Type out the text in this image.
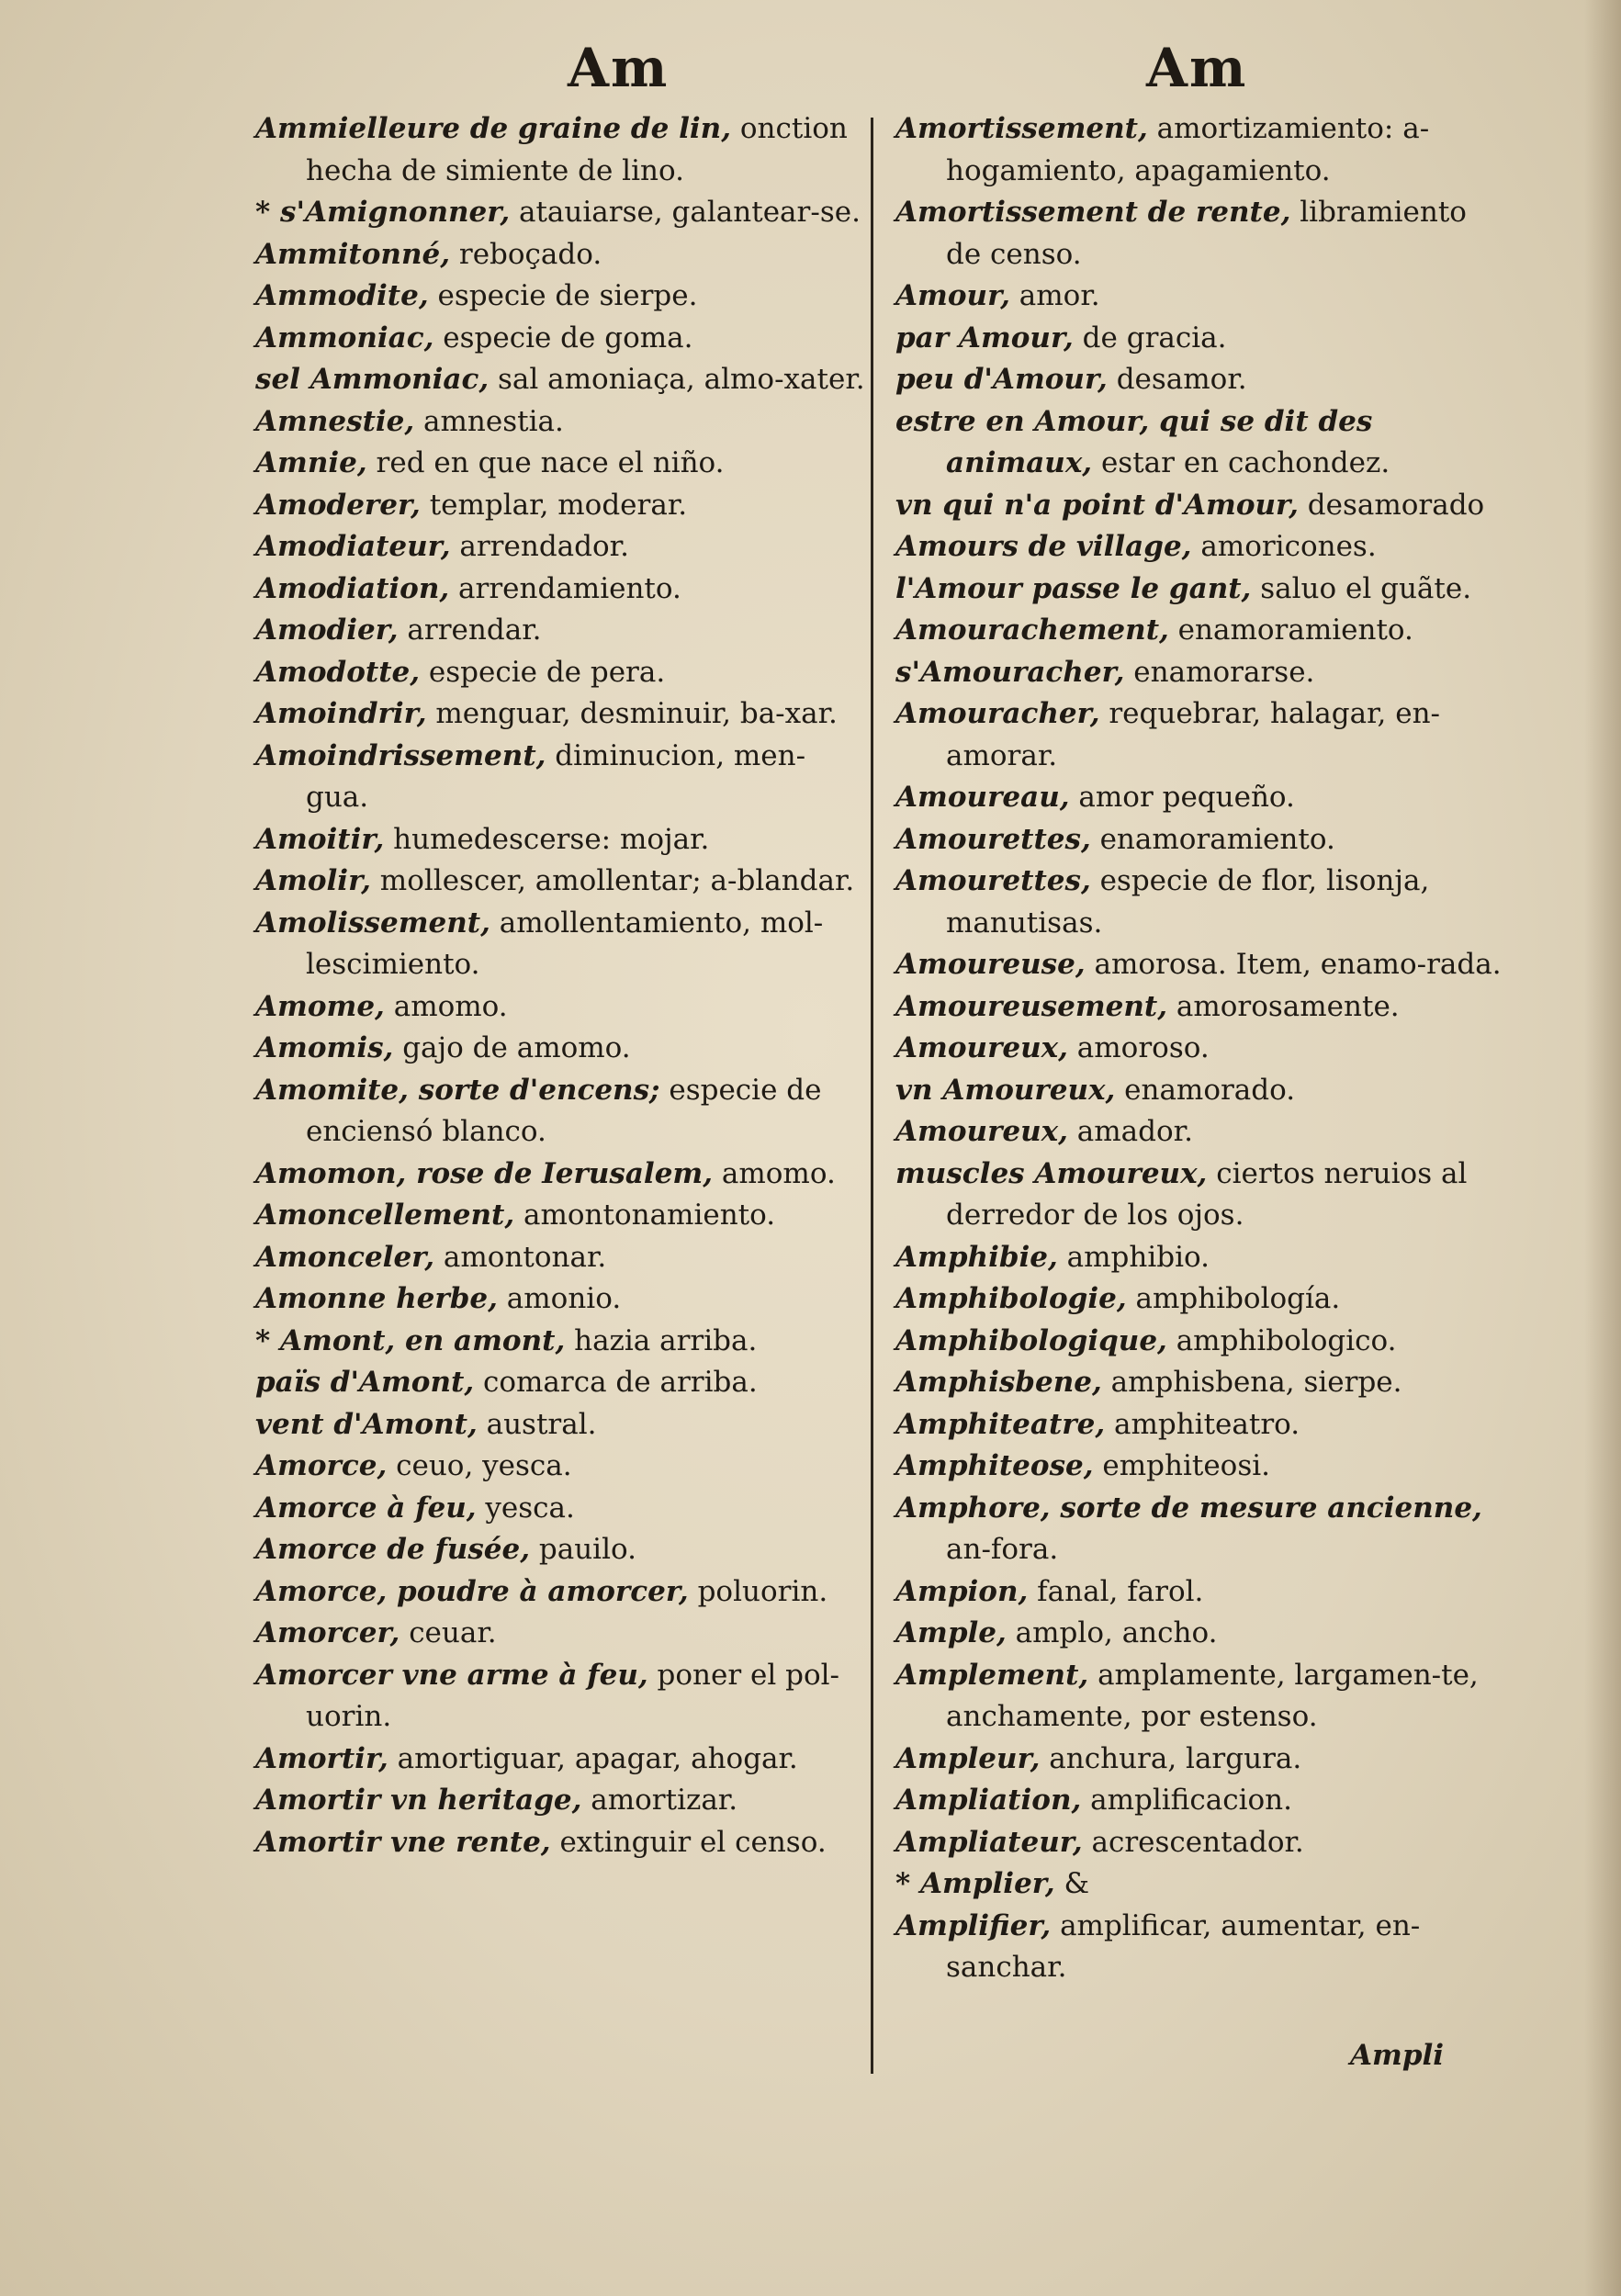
Am	Am

Ammielleure de graine de lin, onction hecha de simiente de lino.

* s'Amignonner, atauiarse, galantear-se.

Ammitonné, reboçado.

Ammodite, especie de sierpe.

Ammoniac, especie de goma.

sel Ammoniac, sal amoniaça, almo-xater.

Amnestie, amnestia.

Amnie, red en que nace el niño.

Amoderer, templar, moderar.

Amodiateur, arrendador.

Amodiation, arrendamiento.

Amodier, arrendar.

Amodotte, especie de pera.

Amoindrir, menguar, desminuir, ba-xar.

Amoindrissement, diminucion, men-gua.

Amoitir, humedescerse: mojar.

Amolir, mollescer, amollentar; a-blandar.

Amolissement, amollentamiento, mol-lescimiento.

Amome, amomo.

Amomis, gajo de amomo.

Amomite, sorte d'encens; especie de enciensó blanco.

Amomon, rose de Ierusalem, amomo.

Amoncellement, amontonamiento.

Amonceler, amontonar.

Amonne herbe, amonio.

* Amont, en amont, hazia arriba.

païs d'Amont, comarca de arriba.

vent d'Amont, austral.

Amorce, ceuo, yesca.

Amorce à feu, yesca.

Amorce de fusée, pauilo.

Amorce, poudre à amorcer, poluorin.

Amorcer, ceuar.

Amorcer vne arme à feu, poner el pol-uorin.

Amortir, amortiguar, apagar, ahogar.

Amortir vn heritage, amortizar.

Amortir vne rente, extinguir el censo.

Amortissement, amortizamiento: a-hogamiento, apagamiento.

Amortissement de rente, libramiento de censo.

Amour, amor.

par Amour, de gracia.

peu d'Amour, desamor.

estre en Amour, qui se dit des animaux, estar en cachondez.

vn qui n'a point d'Amour, desamorado

Amours de village, amoricones.

l'Amour passe le gant, saluo el guãte.

Amourachement, enamoramiento.

s'Amouracher, enamorarse.

Amouracher, requebrar, halagar, en-amorar.

Amoureau, amor pequeño.

Amourettes, enamoramiento.

Amourettes, especie de flor, lisonja, manutisas.

Amoureuse, amorosa. Item, enamo-rada.

Amoureusement, amorosamente.

Amoureux, amoroso.

vn Amoureux, enamorado.

Amoureux, amador.

muscles Amoureux, ciertos neruios al derredor de los ojos.

Amphibie, amphibio.

Amphibologie, amphibología.

Amphibologique, amphibologico.

Amphisbene, amphisbena, sierpe.

Amphiteatre, amphiteatro.

Amphiteose, emphiteosi.

Amphore, sorte de mesure ancienne, an-fora.

Ampion, fanal, farol.

Ample, amplo, ancho.

Amplement, amplamente, largamen-te, anchamente, por estenso.

Ampleur, anchura, largura.

Ampliation, amplificacion.

Ampliateur, acrescentador.

* Amplier, &

Amplifier, amplificar, aumentar, en-sanchar.

Ampli
